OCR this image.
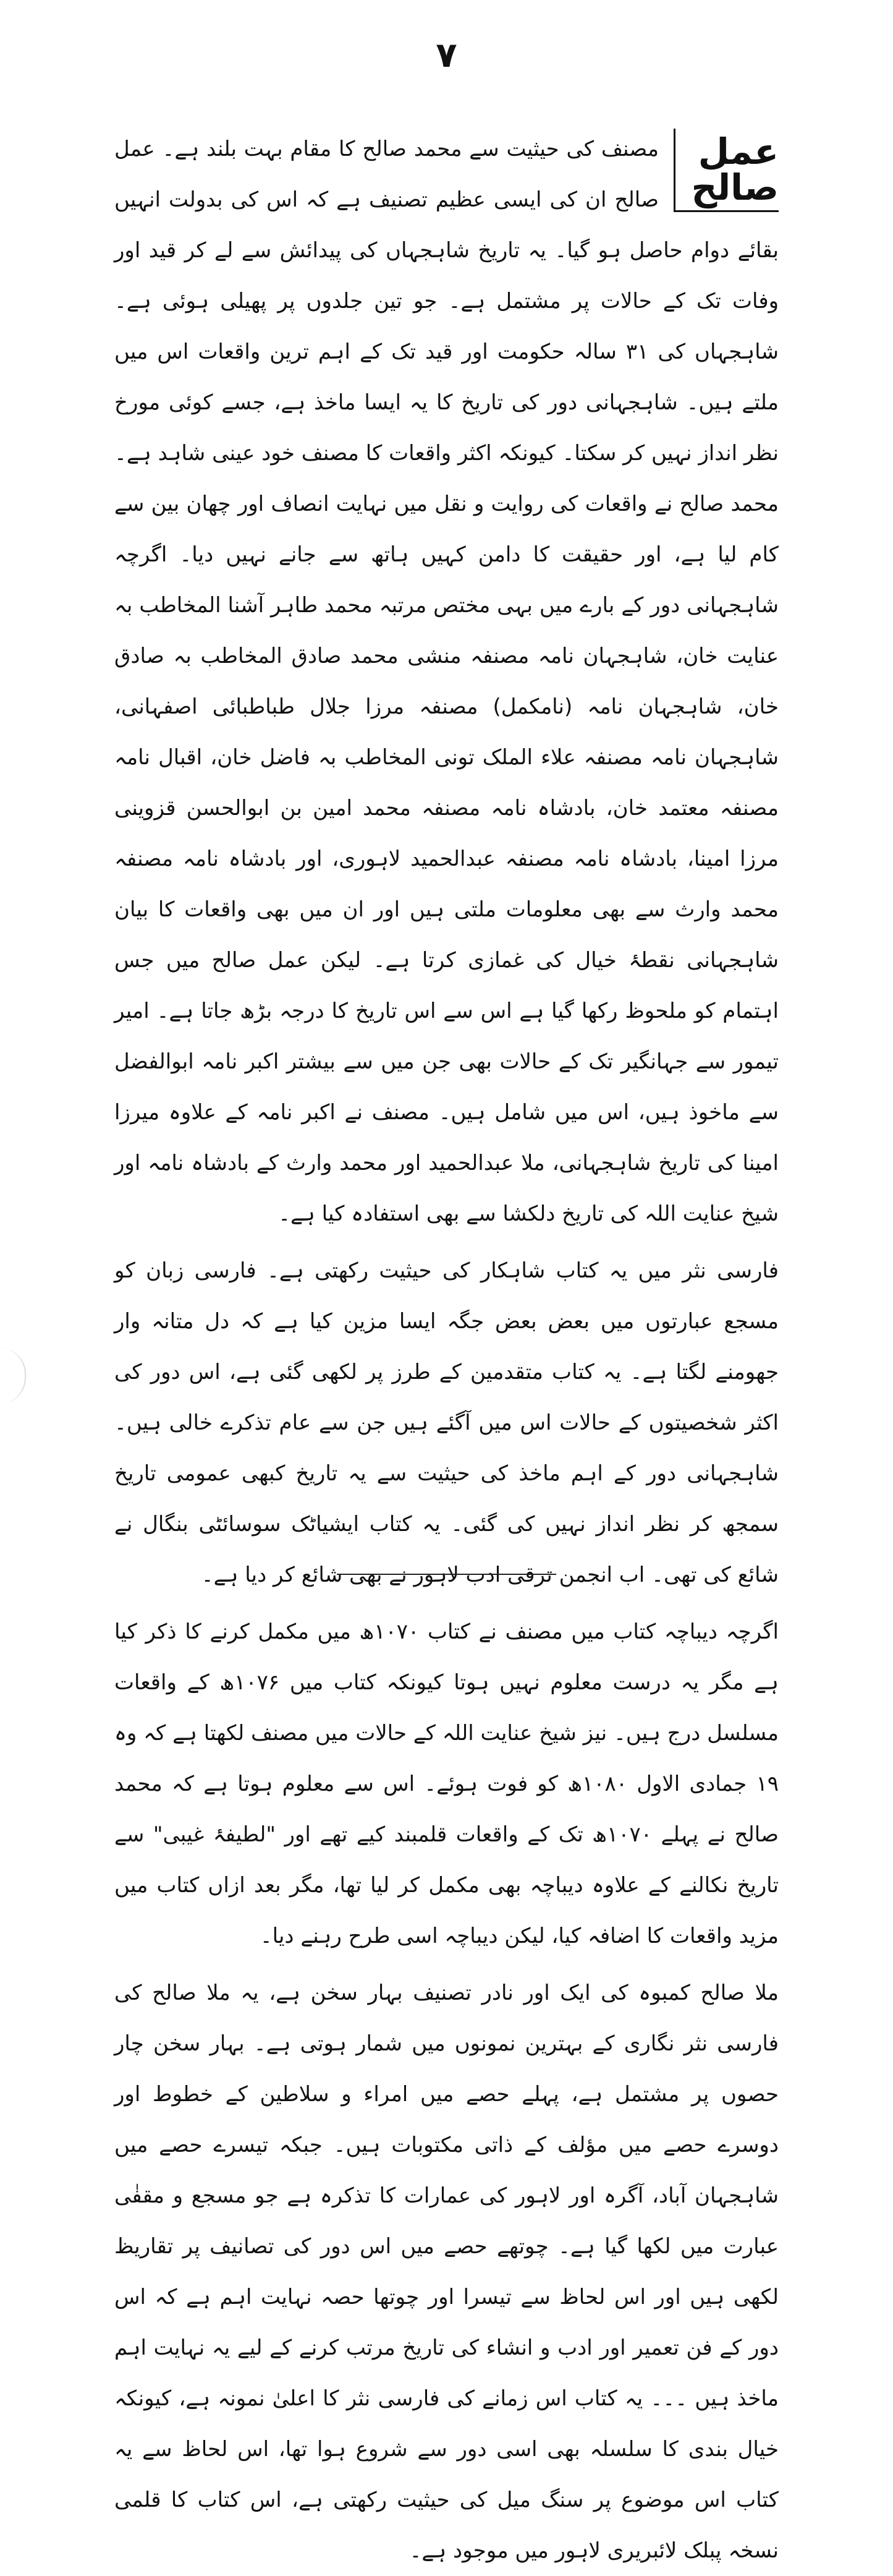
۷

عمل صالح
مصنف کی حیثیت سے محمد صالح کا مقام بہت بلند ہے۔ عمل صالح ان کی ایسی عظیم تصنیف ہے کہ اس کی بدولت انہیں بقائے دوام حاصل ہو گیا۔ یہ تاریخ شاہجہاں کی پیدائش سے لے کر قید اور وفات تک کے حالات پر مشتمل ہے۔ جو تین جلدوں پر پھیلی ہوئی ہے۔ شاہجہاں کی ۳۱ سالہ حکومت اور قید تک کے اہم ترین واقعات اس میں ملتے ہیں۔ شاہجہانی دور کی تاریخ کا یہ ایسا ماخذ ہے، جسے کوئی مورخ نظر انداز نہیں کر سکتا۔ کیونکہ اکثر واقعات کا مصنف خود عینی شاہد ہے۔ محمد صالح نے واقعات کی روایت و نقل میں نہایت انصاف اور چھان بین سے کام لیا ہے، اور حقیقت کا دامن کہیں ہاتھ سے جانے نہیں دیا۔ اگرچہ شاہجہانی دور کے بارے میں بہی مختص مرتبہ محمد طاہر آشنا المخاطب بہ عنایت خان، شاہجہان نامہ مصنفہ منشی محمد صادق المخاطب بہ صادق خان، شاہجہان نامہ (نامکمل) مصنفہ مرزا جلال طباطبائی اصفہانی، شاہجہان نامہ مصنفہ علاء الملک تونی المخاطب بہ فاضل خان، اقبال نامہ مصنفہ معتمد خان، بادشاہ نامہ مصنفہ محمد امین بن ابوالحسن قزوینی مرزا امینا، بادشاہ نامہ مصنفہ عبدالحمید لاہوری، اور بادشاہ نامہ مصنفہ محمد وارث سے بھی معلومات ملتی ہیں اور ان میں بھی واقعات کا بیان شاہجہانی نقطۂ خیال کی غمازی کرتا ہے۔ لیکن عمل صالح میں جس اہتمام کو ملحوظ رکھا گیا ہے اس سے اس تاریخ کا درجہ بڑھ جاتا ہے۔ امیر تیمور سے جہانگیر تک کے حالات بھی جن میں سے بیشتر اکبر نامہ ابوالفضل سے ماخوذ ہیں، اس میں شامل ہیں۔ مصنف نے اکبر نامہ کے علاوہ میرزا امینا کی تاریخ شاہجہانی، ملا عبدالحمید اور محمد وارث کے بادشاہ نامہ اور شیخ عنایت اللہ کی تاریخ دلکشا سے بھی استفادہ کیا ہے۔

فارسی نثر میں یہ کتاب شاہکار کی حیثیت رکھتی ہے۔ فارسی زبان کو مسجع عبارتوں میں بعض بعض جگہ ایسا مزین کیا ہے کہ دل متانہ وار جھومنے لگتا ہے۔ یہ کتاب متقدمین کے طرز پر لکھی گئی ہے، اس دور کی اکثر شخصیتوں کے حالات اس میں آگئے ہیں جن سے عام تذکرے خالی ہیں۔ شاہجہانی دور کے اہم ماخذ کی حیثیت سے یہ تاریخ کبھی عمومی تاریخ سمجھ کر نظر انداز نہیں کی گئی۔ یہ کتاب ایشیاٹک سوسائٹی بنگال نے شائع کی تھی۔ اب انجمن ترقی ادب لاہور نے بھی شائع کر دیا ہے۔

اگرچہ دیباچہ کتاب میں مصنف نے کتاب ۱۰۷۰ھ میں مکمل کرنے کا ذکر کیا ہے مگر یہ درست معلوم نہیں ہوتا کیونکہ کتاب میں ۱۰۷۶ھ کے واقعات مسلسل درج ہیں۔ نیز شیخ عنایت اللہ کے حالات میں مصنف لکھتا ہے کہ وہ ۱۹ جمادی الاول ۱۰۸۰ھ کو فوت ہوئے۔ اس سے معلوم ہوتا ہے کہ محمد صالح نے پہلے ۱۰۷۰ھ تک کے واقعات قلمبند کیے تھے اور "لطیفۂ غیبی" سے تاریخ نکالنے کے علاوہ دیباچہ بھی مکمل کر لیا تھا، مگر بعد ازاں کتاب میں مزید واقعات کا اضافہ کیا، لیکن دیباچہ اسی طرح رہنے دیا۔

ملا صالح کمبوہ کی ایک اور نادر تصنیف بہار سخن ہے، یہ ملا صالح کی فارسی نثر نگاری کے بہترین نمونوں میں شمار ہوتی ہے۔ بہار سخن چار حصوں پر مشتمل ہے، پہلے حصے میں امراء و سلاطین کے خطوط اور دوسرے حصے میں مؤلف کے ذاتی مکتوبات ہیں۔ جبکہ تیسرے حصے میں شاہجہان آباد، آگرہ اور لاہور کی عمارات کا تذکرہ ہے جو مسجع و مقفٰی عبارت میں لکھا گیا ہے۔ چوتھے حصے میں اس دور کی تصانیف پر تقاریظ لکھی ہیں اور اس لحاظ سے تیسرا اور چوتھا حصہ نہایت اہم ہے کہ اس دور کے فن تعمیر اور ادب و انشاء کی تاریخ مرتب کرنے کے لیے یہ نہایت اہم ماخذ ہیں ۔۔۔ یہ کتاب اس زمانے کی فارسی نثر کا اعلیٰ نمونہ ہے، کیونکہ خیال بندی کا سلسلہ بھی اسی دور سے شروع ہوا تھا، اس لحاظ سے یہ کتاب اس موضوع پر سنگ میل کی حیثیت رکھتی ہے، اس کتاب کا قلمی نسخہ پبلک لائبریری لاہور میں موجود ہے۔
